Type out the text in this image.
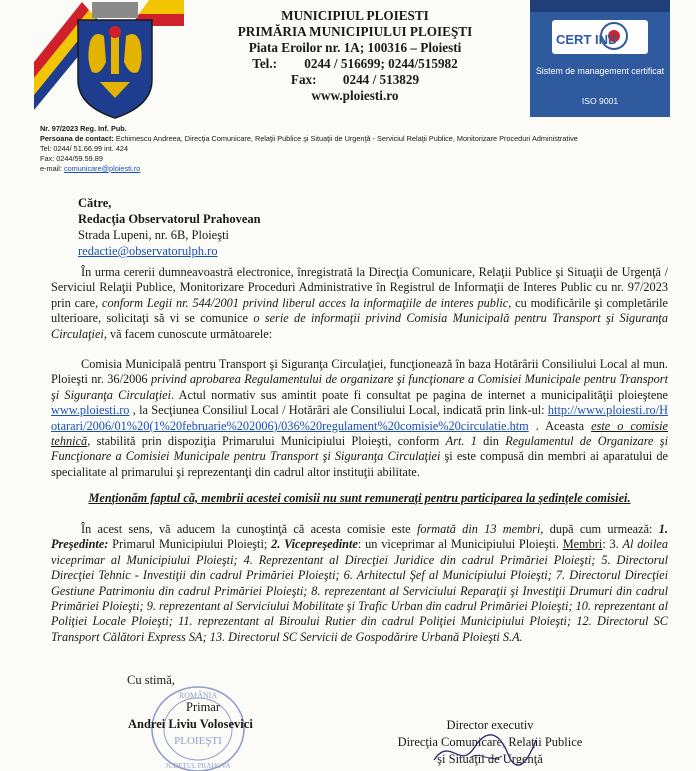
MUNICIPIUL PLOIESTI
PRIMĂRIA MUNICIPIULUI PLOIEŞTI
Piata Eroilor nr. 1A; 100316 – Ploiesti
Tel.:	0244 / 516699; 0244/515982
Fax:	0244 / 513829
www.ploiesti.ro
CERT IND
Sistem de management certificat
ISO 9001
Nr. 97/2023 Reg. Inf. Pub.
Persoana de contact: Echimescu Andreea, Direcţia Comunicare, Relaţii Publice şi Situaţii de Urgenţă - Serviciul Relaţii Publice, Monitorizare Proceduri Administrative
Tel: 0244/ 51.66.99 int. 424
Fax: 0244/59.59.89
e-mail: comunicare@ploiesti.ro
Către,
Redacţia Observatorul Prahovean
Strada Lupeni, nr. 6B, Ploieşti
redactie@observatorulph.ro

În urma cererii dumneavoastră electronice, înregistrată la Direcţia Comunicare, Relaţii Publice şi Situaţii de Urgenţă / Serviciul Relaţii Publice, Monitorizare Proceduri Administrative în Registrul de Informaţii de Interes Public cu nr. 97/2023 prin care, conform Legii nr. 544/2001 privind liberul acces la informaţiile de interes public, cu modificările şi completările ulterioare, solicitaţi să vi se comunice o serie de informaţii privind Comisia Municipală pentru Transport şi Siguranţa Circulaţiei, vă facem cunoscute următoarele:

Comisia Municipală pentru Transport şi Siguranţa Circulaţiei, funcţionează în baza Hotărârii Consiliului Local al mun. Ploieşti nr. 36/2006 privind aprobarea Regulamentului de organizare şi funcţionare a Comisiei Municipale pentru Transport şi Siguranţa Circulaţiei. Actul normativ sus amintit poate fi consultat pe pagina de internet a municipalităţii ploieştene www.ploiesti.ro , la Secţiunea Consiliul Local / Hotărâri ale Consiliului Local, indicată prin link-ul: http://www.ploiesti.ro/Hotarari/2006/01%20(1%20februarie%202006)/036%20regulament%20comisie%20circulatie.htm . Aceasta este o comisie tehnică, stabilită prin dispoziţia Primarului Municipiului Ploieşti, conform Art. 1 din Regulamentul de Organizare şi Funcţionare a Comisiei Municipale pentru Transport şi Siguranţa Circulaţiei şi este compusă din membri ai aparatului de specialitate al primarului şi reprezentanţi din cadrul altor instituţii abilitate.

Menţionăm faptul că, membrii acestei comisii nu sunt remuneraţi pentru participarea la şedinţele comisiei.

În acest sens, vă aducem la cunoştinţă că acesta comisie este formată din 13 membri, după cum urmează: 1. Preşedinte: Primarul Municipiului Ploieşti; 2. Vicepreşedinte: un viceprimar al Municipiului Ploieşti. Membri: 3. Al doilea viceprimar al Municipiului Ploieşti; 4. Reprezentant al Direcţiei Juridice din cadrul Primăriei Ploieşti; 5. Directorul Direcţiei Tehnic - Investiţii din cadrul Primăriei Ploieşti; 6. Arhitectul Şef al Municipiului Ploieşti; 7. Directorul Direcţiei Gestiune Patrimoniu din cadrul Primăriei Ploieşti; 8. reprezentant al Serviciului Reparaţii şi Investiţii Drumuri din cadrul Primăriei Ploieşti; 9. reprezentant al Serviciului Mobilitate şi Trafic Urban din cadrul Primăriei Ploieşti; 10. reprezentant al Poliţiei Locale Ploieşti; 11. reprezentant al Biroului Rutier din cadrul Poliţiei Municipiului Ploieşti; 12. Directorul SC Transport Călători Express SA; 13. Directorul SC Servicii de Gospodărire Urbană Ploieşti S.A.

Cu stimă,
ROMÂNIA
PLOIEŞTI
JUDEŢUL PRAHOVA
Primar
Andrei Liviu Volosevici	Director executiv
Direcţia Comunicare, Relaţii Publice
şi Situaţii de Urgenţă
